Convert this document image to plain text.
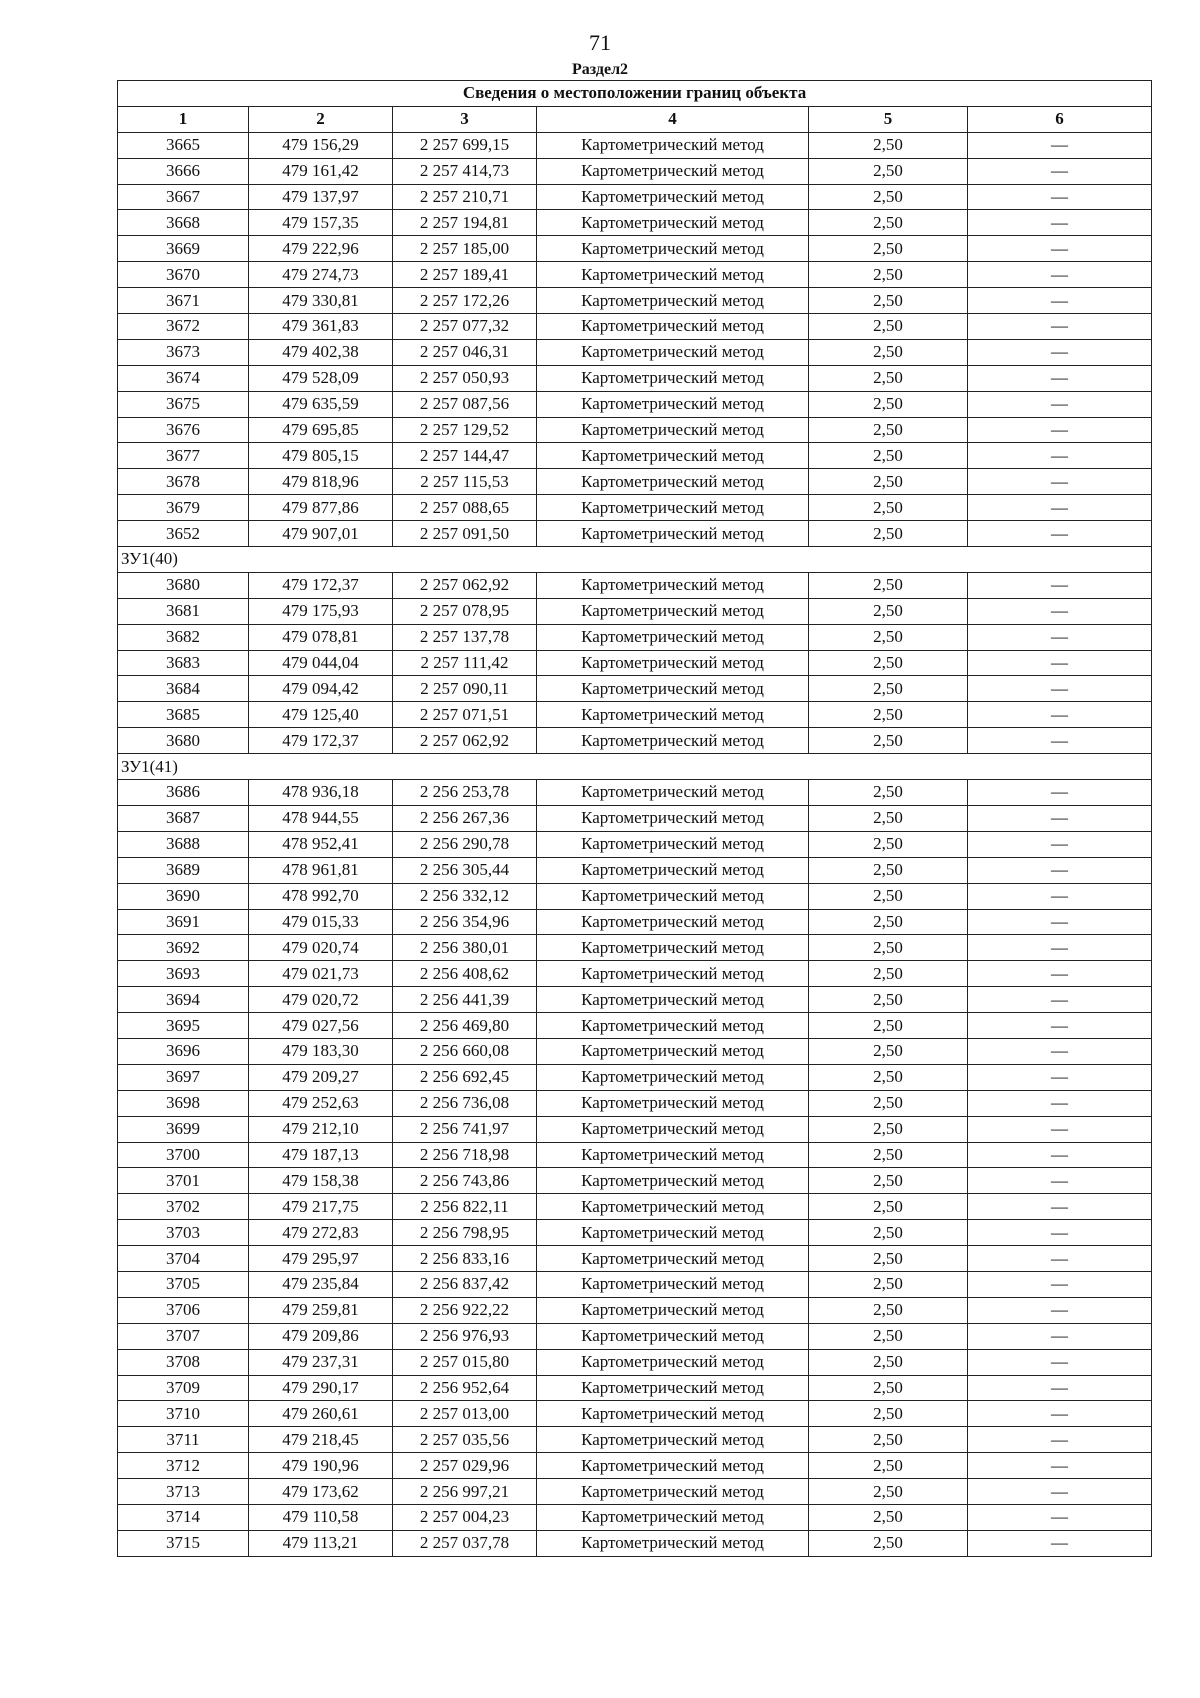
71
Раздел2
Сведения о местоположении границ объекта					
1	2	3	4	5	6
3665	479 156,29	2 257 699,15	Картометрический метод	2,50	—
3666	479 161,42	2 257 414,73	Картометрический метод	2,50	—
3667	479 137,97	2 257 210,71	Картометрический метод	2,50	—
3668	479 157,35	2 257 194,81	Картометрический метод	2,50	—
3669	479 222,96	2 257 185,00	Картометрический метод	2,50	—
3670	479 274,73	2 257 189,41	Картометрический метод	2,50	—
3671	479 330,81	2 257 172,26	Картометрический метод	2,50	—
3672	479 361,83	2 257 077,32	Картометрический метод	2,50	—
3673	479 402,38	2 257 046,31	Картометрический метод	2,50	—
3674	479 528,09	2 257 050,93	Картометрический метод	2,50	—
3675	479 635,59	2 257 087,56	Картометрический метод	2,50	—
3676	479 695,85	2 257 129,52	Картометрический метод	2,50	—
3677	479 805,15	2 257 144,47	Картометрический метод	2,50	—
3678	479 818,96	2 257 115,53	Картометрический метод	2,50	—
3679	479 877,86	2 257 088,65	Картометрический метод	2,50	—
3652	479 907,01	2 257 091,50	Картометрический метод	2,50	—
ЗУ1(40)					
3680	479 172,37	2 257 062,92	Картометрический метод	2,50	—
3681	479 175,93	2 257 078,95	Картометрический метод	2,50	—
3682	479 078,81	2 257 137,78	Картометрический метод	2,50	—
3683	479 044,04	2 257 111,42	Картометрический метод	2,50	—
3684	479 094,42	2 257 090,11	Картометрический метод	2,50	—
3685	479 125,40	2 257 071,51	Картометрический метод	2,50	—
3680	479 172,37	2 257 062,92	Картометрический метод	2,50	—
ЗУ1(41)					
3686	478 936,18	2 256 253,78	Картометрический метод	2,50	—
3687	478 944,55	2 256 267,36	Картометрический метод	2,50	—
3688	478 952,41	2 256 290,78	Картометрический метод	2,50	—
3689	478 961,81	2 256 305,44	Картометрический метод	2,50	—
3690	478 992,70	2 256 332,12	Картометрический метод	2,50	—
3691	479 015,33	2 256 354,96	Картометрический метод	2,50	—
3692	479 020,74	2 256 380,01	Картометрический метод	2,50	—
3693	479 021,73	2 256 408,62	Картометрический метод	2,50	—
3694	479 020,72	2 256 441,39	Картометрический метод	2,50	—
3695	479 027,56	2 256 469,80	Картометрический метод	2,50	—
3696	479 183,30	2 256 660,08	Картометрический метод	2,50	—
3697	479 209,27	2 256 692,45	Картометрический метод	2,50	—
3698	479 252,63	2 256 736,08	Картометрический метод	2,50	—
3699	479 212,10	2 256 741,97	Картометрический метод	2,50	—
3700	479 187,13	2 256 718,98	Картометрический метод	2,50	—
3701	479 158,38	2 256 743,86	Картометрический метод	2,50	—
3702	479 217,75	2 256 822,11	Картометрический метод	2,50	—
3703	479 272,83	2 256 798,95	Картометрический метод	2,50	—
3704	479 295,97	2 256 833,16	Картометрический метод	2,50	—
3705	479 235,84	2 256 837,42	Картометрический метод	2,50	—
3706	479 259,81	2 256 922,22	Картометрический метод	2,50	—
3707	479 209,86	2 256 976,93	Картометрический метод	2,50	—
3708	479 237,31	2 257 015,80	Картометрический метод	2,50	—
3709	479 290,17	2 256 952,64	Картометрический метод	2,50	—
3710	479 260,61	2 257 013,00	Картометрический метод	2,50	—
3711	479 218,45	2 257 035,56	Картометрический метод	2,50	—
3712	479 190,96	2 257 029,96	Картометрический метод	2,50	—
3713	479 173,62	2 256 997,21	Картометрический метод	2,50	—
3714	479 110,58	2 257 004,23	Картометрический метод	2,50	—
3715	479 113,21	2 257 037,78	Картометрический метод	2,50	—
